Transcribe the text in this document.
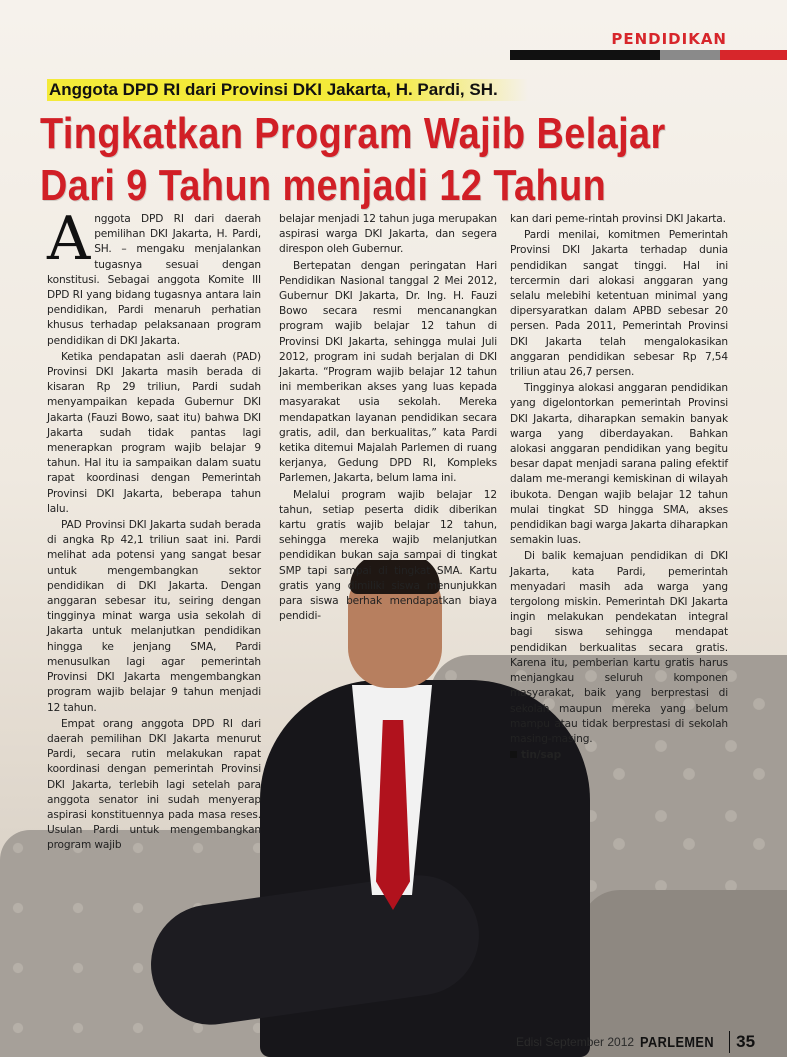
PENDIDIKAN
Anggota DPD RI dari Provinsi DKI Jakarta, H. Pardi, SH.
Tingkatkan Program Wajib Belajar
Dari 9 Tahun menjadi 12 Tahun

Anggota DPD RI dari daerah pemilihan DKI Jakarta, H. Pardi, SH. – mengaku menjalankan tugasnya sesuai dengan konstitusi. Sebagai anggota Komite III DPD RI yang bidang tugasnya antara lain pendidikan, Pardi menaruh perhatian khusus terhadap pelaksanaan program pendidikan di DKI Jakarta.

Ketika pendapatan asli daerah (PAD) Provinsi DKI Jakarta masih berada di kisaran Rp 29 triliun, Pardi sudah menyampaikan kepada Gubernur DKI Jakarta (Fauzi Bowo, saat itu) bahwa DKI Jakarta sudah tidak pantas lagi menerapkan program wajib belajar 9 tahun. Hal itu ia sampaikan dalam suatu rapat koordinasi dengan Pemerintah Provinsi DKI Jakarta, beberapa tahun lalu.

PAD Provinsi DKI Jakarta sudah berada di angka Rp 42,1 triliun saat ini. Pardi melihat ada potensi yang sangat besar untuk mengembangkan sektor pendidikan di DKI Jakarta. Dengan anggaran sebesar itu, seiring dengan tingginya minat warga usia sekolah di Jakarta untuk melanjutkan pendidikan hingga ke jenjang SMA, Pardi menusulkan lagi agar pemerintah Provinsi DKI Jakarta mengembangkan program wajib belajar 9 tahun menjadi 12 tahun.

Empat orang anggota DPD RI dari daerah pemilihan DKI Jakarta menurut Pardi, secara rutin melakukan rapat koordinasi dengan pemerintah Provinsi DKI Jakarta, terlebih lagi setelah para anggota senator ini sudah menyerap aspirasi konstituennya pada masa reses. Usulan Pardi untuk mengembangkan program wajib

belajar menjadi 12 tahun juga merupakan aspirasi warga DKI Jakarta, dan segera direspon oleh Gubernur.

Bertepatan dengan peringatan Hari Pendidikan Nasional tanggal 2 Mei 2012, Gubernur DKI Jakarta, Dr. Ing. H. Fauzi Bowo secara resmi mencanangkan program wajib belajar 12 tahun di Provinsi DKI Jakarta, sehingga mulai Juli 2012, program ini sudah berjalan di DKI Jakarta. “Program wajib belajar 12 tahun ini memberikan akses yang luas kepada masyarakat usia sekolah. Mereka mendapatkan layanan pendidikan secara gratis, adil, dan berkualitas,” kata Pardi ketika ditemui Majalah Parlemen di ruang kerjanya, Gedung DPD RI, Kompleks Parlemen, Jakarta, belum lama ini.

Melalui program wajib belajar 12 tahun, setiap peserta didik diberikan kartu gratis wajib belajar 12 tahun, sehingga mereka wajib melanjutkan pendidikan bukan saja sampai di tingkat SMP tapi sampai di tingkat SMA. Kartu gratis yang dimiliki siswa menunjukkan para siswa berhak mendapatkan biaya pendidi-

kan dari peme-rintah provinsi DKI Jakarta.

Pardi menilai, komitmen Pemerintah Provinsi DKI Jakarta terhadap dunia pendidikan sangat tinggi. Hal ini tercermin dari alokasi anggaran yang selalu melebihi ketentuan minimal yang dipersyaratkan dalam APBD sebesar 20 persen. Pada 2011, Pemerintah Provinsi DKI Jakarta telah mengalokasikan anggaran pendidikan sebesar Rp 7,54 triliun atau 26,7 persen.

Tingginya alokasi anggaran pendidikan yang digelontorkan pemerintah Provinsi DKI Jakarta, diharapkan semakin banyak warga yang diberdayakan. Bahkan alokasi anggaran pendidikan yang begitu besar dapat menjadi sarana paling efektif dalam me-merangi kemiskinan di wilayah ibukota. Dengan wajib belajar 12 tahun mulai tingkat SD hingga SMA, akses pendidikan bagi warga Jakarta diharapkan semakin luas.

Di balik kemajuan pendidikan di DKI Jakarta, kata Pardi, pemerintah menyadari masih ada warga yang tergolong miskin. Pemerintah DKI Jakarta ingin melakukan pendekatan integral bagi siswa sehingga mendapat pendidikan berkualitas secara gratis. Karena itu, pemberian kartu gratis harus menjangkau seluruh komponen masyarakat, baik yang berprestasi di sekolah maupun mereka yang belum mampu atau tidak berprestasi di sekolah masing-masing.

tin/sap

Edisi September 2012 PARLEMEN 35
